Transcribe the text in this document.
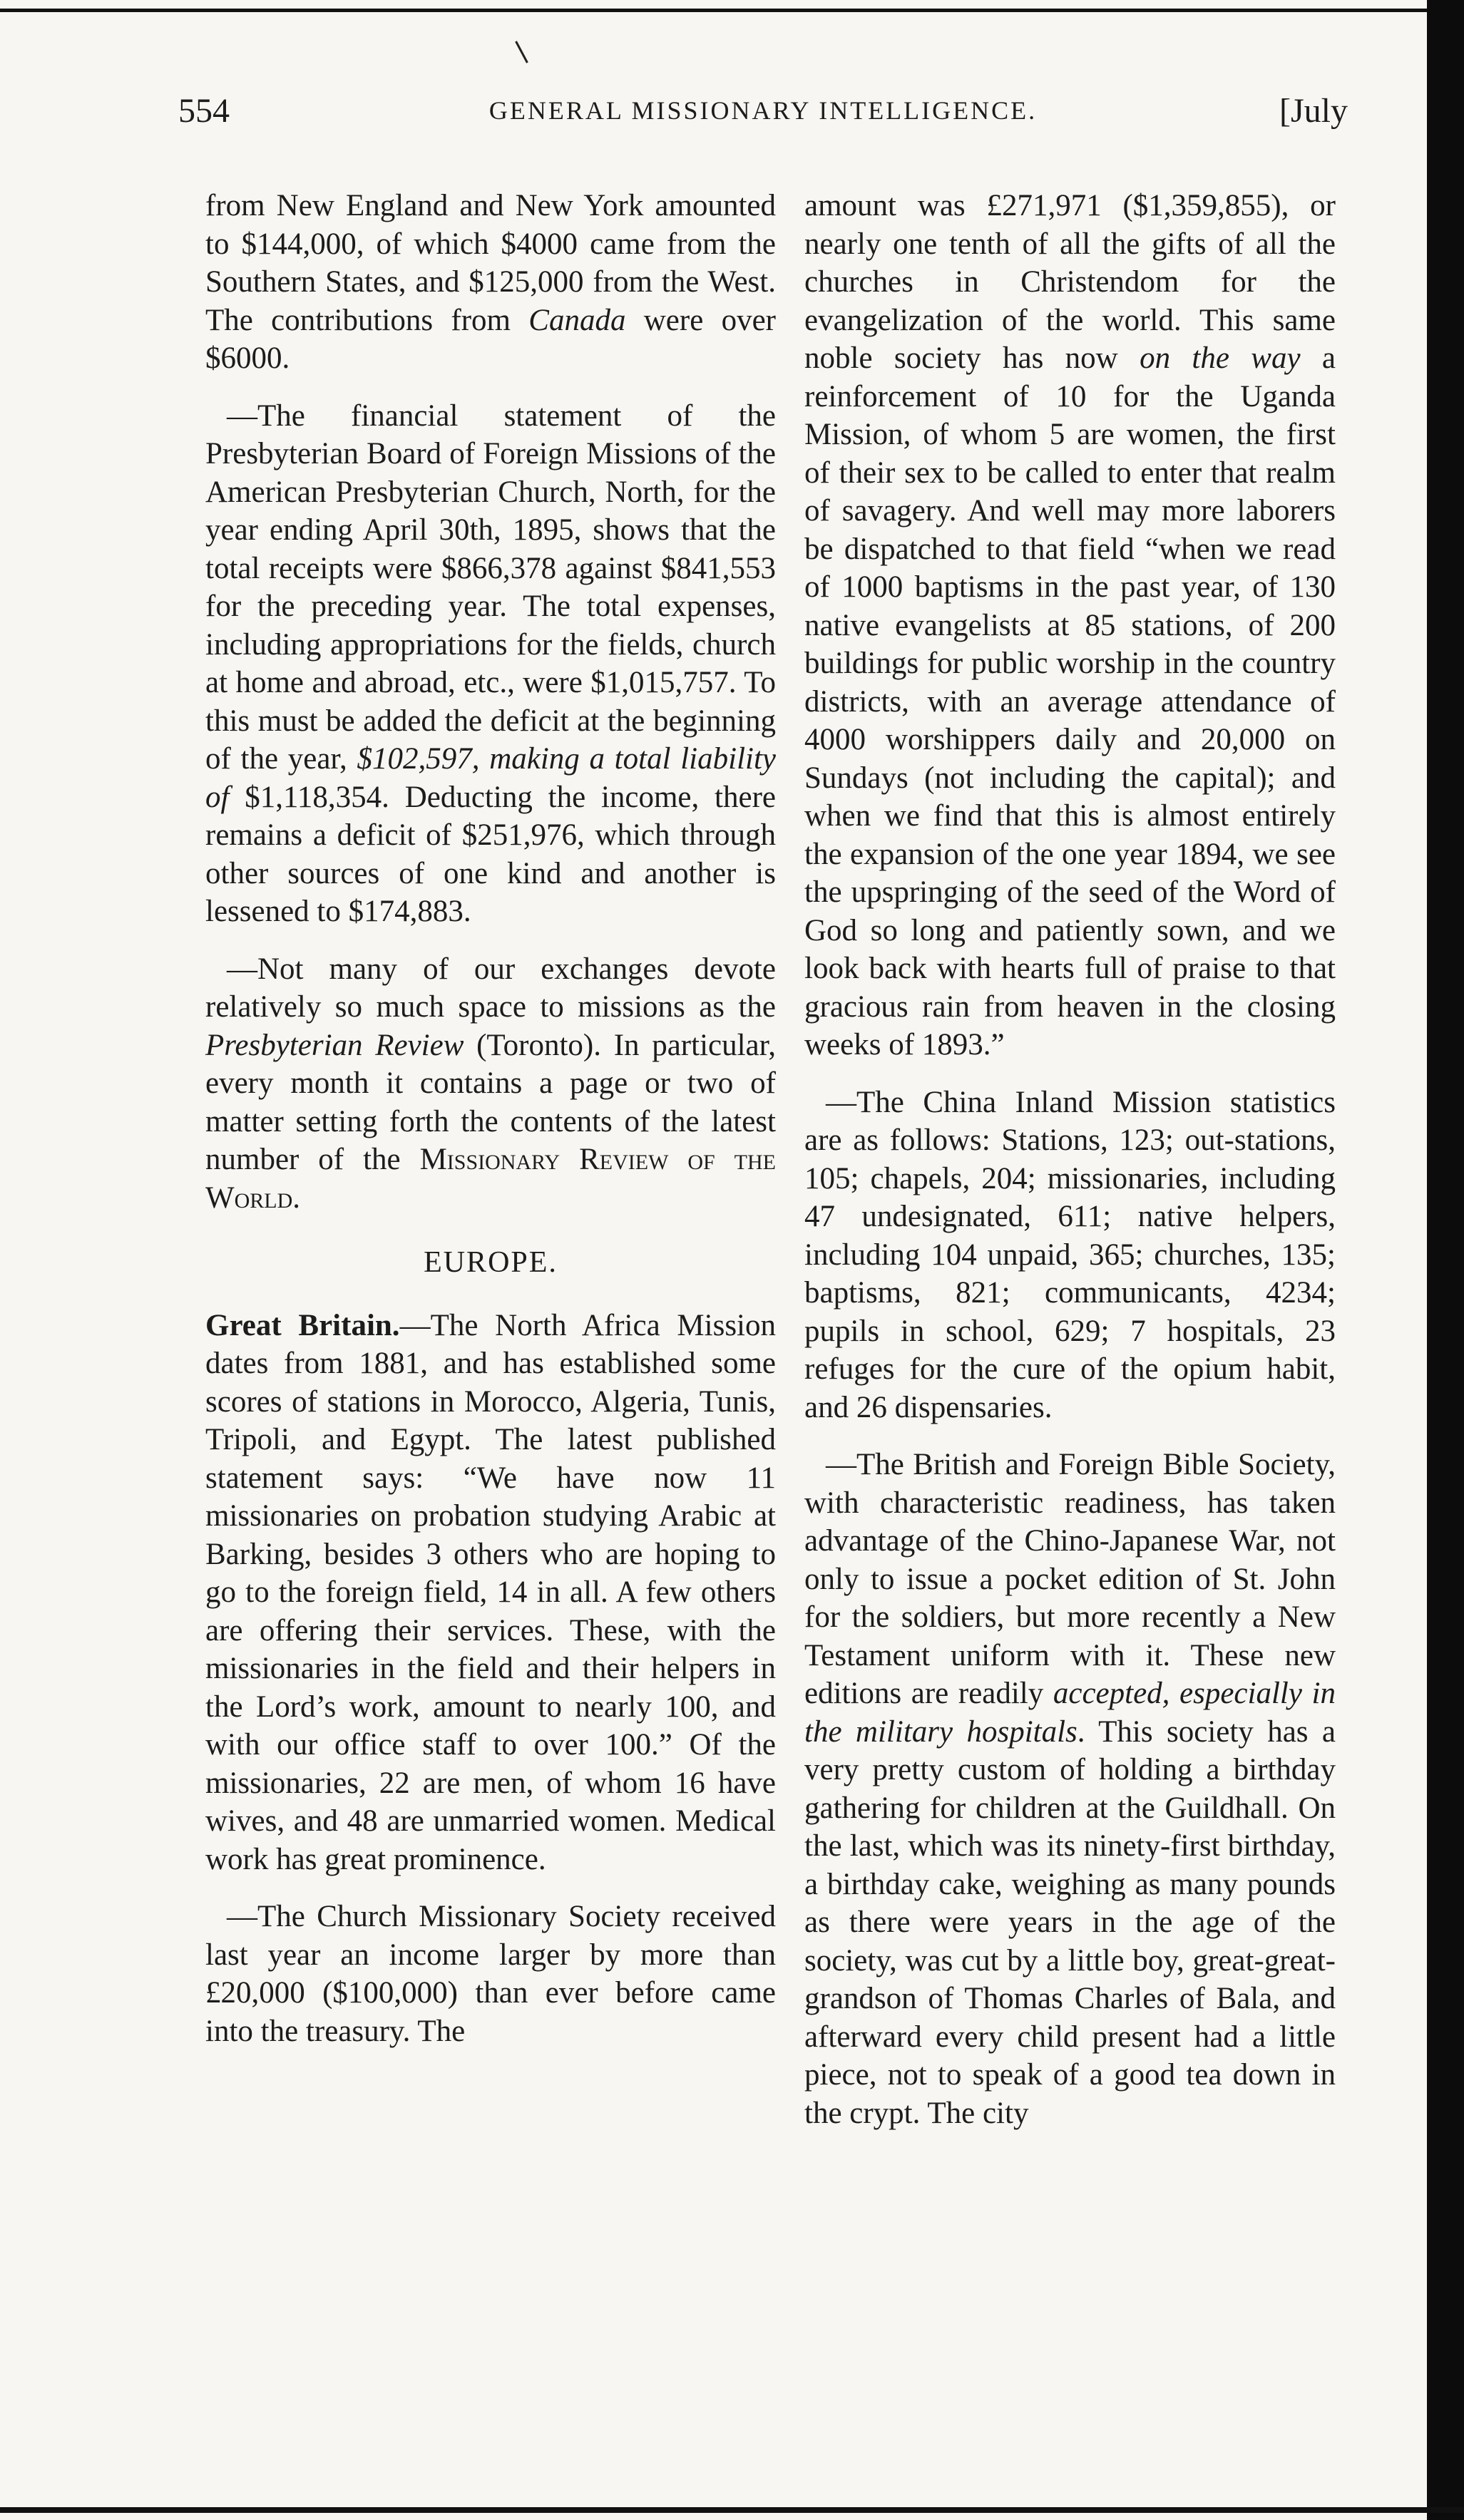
554	GENERAL MISSIONARY INTELLIGENCE.	[July

from New England and New York amounted to $144,000, of which $4000 came from the Southern States, and $125,000 from the West. The contributions from Canada were over $6000.

—The financial statement of the Presbyterian Board of Foreign Missions of the American Presbyterian Church, North, for the year ending April 30th, 1895, shows that the total receipts were $866,378 against $841,553 for the preceding year. The total expenses, including appropriations for the fields, church at home and abroad, etc., were $1,015,757. To this must be added the deficit at the beginning of the year, $102,597, making a total liability of $1,118,354. Deducting the income, there remains a deficit of $251,976, which through other sources of one kind and another is lessened to $174,883.

—Not many of our exchanges devote relatively so much space to missions as the Presbyterian Review (Toronto). In particular, every month it contains a page or two of matter setting forth the contents of the latest number of the Missionary Review of the World.

EUROPE.

Great Britain.—The North Africa Mission dates from 1881, and has established some scores of stations in Morocco, Algeria, Tunis, Tripoli, and Egypt. The latest published statement says: “We have now 11 missionaries on probation studying Arabic at Barking, besides 3 others who are hoping to go to the foreign field, 14 in all. A few others are offering their services. These, with the missionaries in the field and their helpers in the Lord’s work, amount to nearly 100, and with our office staff to over 100.” Of the missionaries, 22 are men, of whom 16 have wives, and 48 are unmarried women. Medical work has great prominence.

—The Church Missionary Society received last year an income larger by more than £20,000 ($100,000) than ever before came into the treasury. The

amount was £271,971 ($1,359,855), or nearly one tenth of all the gifts of all the churches in Christendom for the evangelization of the world. This same noble society has now on the way a reinforcement of 10 for the Uganda Mission, of whom 5 are women, the first of their sex to be called to enter that realm of savagery. And well may more laborers be dispatched to that field “when we read of 1000 baptisms in the past year, of 130 native evangelists at 85 stations, of 200 buildings for public worship in the country districts, with an average attendance of 4000 worshippers daily and 20,000 on Sundays (not including the capital); and when we find that this is almost entirely the expansion of the one year 1894, we see the upspringing of the seed of the Word of God so long and patiently sown, and we look back with hearts full of praise to that gracious rain from heaven in the closing weeks of 1893.”

—The China Inland Mission statistics are as follows: Stations, 123; out-stations, 105; chapels, 204; missionaries, including 47 undesignated, 611; native helpers, including 104 unpaid, 365; churches, 135; baptisms, 821; communicants, 4234; pupils in school, 629; 7 hospitals, 23 refuges for the cure of the opium habit, and 26 dispensaries.

—The British and Foreign Bible Society, with characteristic readiness, has taken advantage of the Chino-Japanese War, not only to issue a pocket edition of St. John for the soldiers, but more recently a New Testament uniform with it. These new editions are readily accepted, especially in the military hospitals. This society has a very pretty custom of holding a birthday gathering for children at the Guildhall. On the last, which was its ninety-first birthday, a birthday cake, weighing as many pounds as there were years in the age of the society, was cut by a little boy, great-great-grandson of Thomas Charles of Bala, and afterward every child present had a little piece, not to speak of a good tea down in the crypt. The city
